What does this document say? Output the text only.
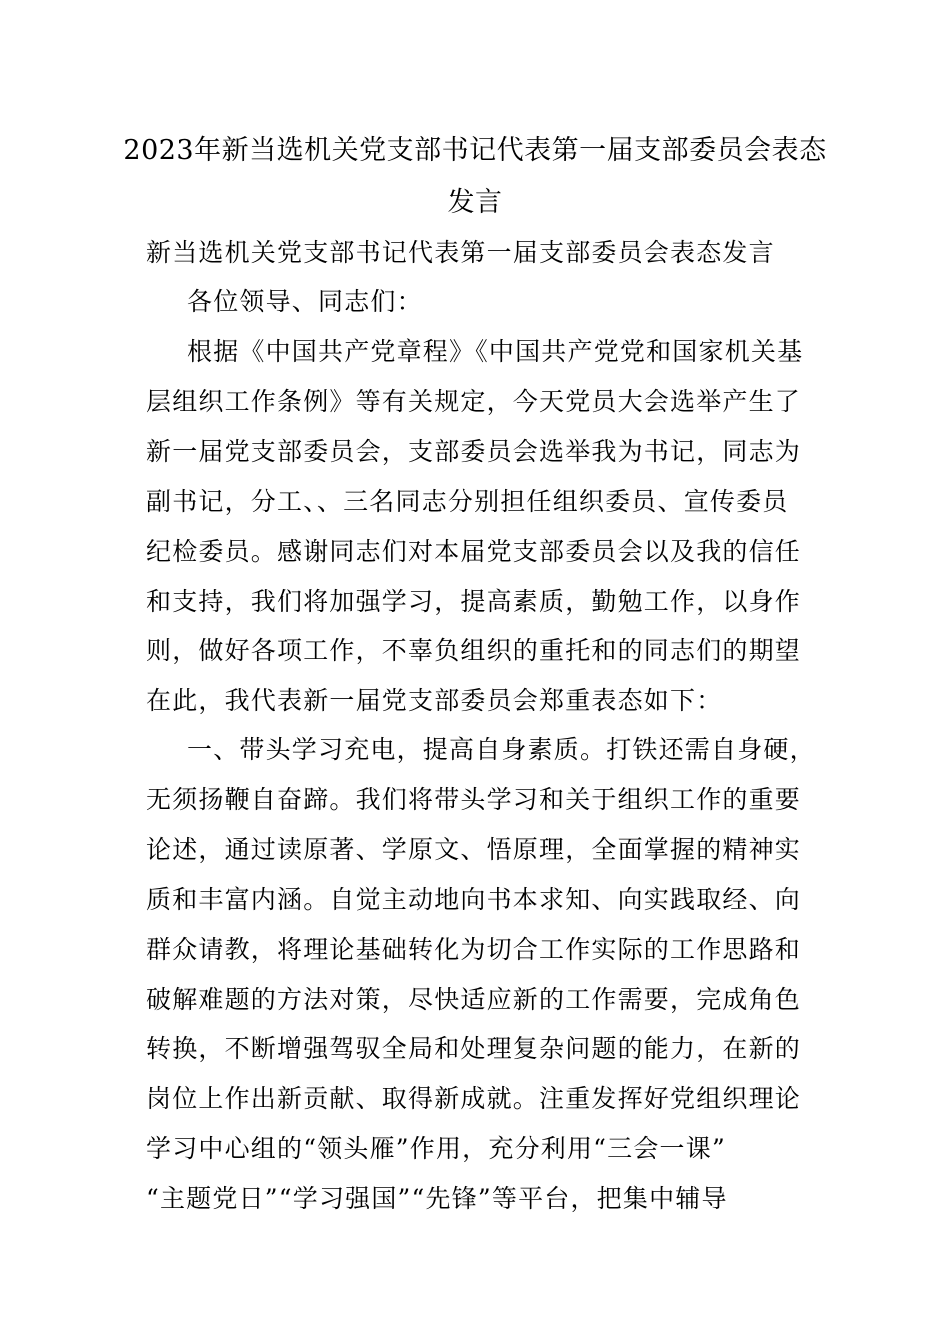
2023年新当选机关党支部书记代表第一届支部委员会表态
发言
新当选机关党支部书记代表第一届支部委员会表态发言
各位领导、同志们：
根据《中国共产党章程》《中国共产党党和国家机关基
层组织工作条例》等有关规定，今天党员大会选举产生了
新一届党支部委员会，支部委员会选举我为书记，同志为
副书记，分工、、三名同志分别担任组织委员、宣传委员
纪检委员。感谢同志们对本届党支部委员会以及我的信任
和支持，我们将加强学习，提高素质，勤勉工作，以身作
则，做好各项工作，不辜负组织的重托和的同志们的期望
在此，我代表新一届党支部委员会郑重表态如下：
一、带头学习充电，提高自身素质。打铁还需自身硬，
无须扬鞭自奋蹄。我们将带头学习和关于组织工作的重要
论述，通过读原著、学原文、悟原理，全面掌握的精神实
质和丰富内涵。自觉主动地向书本求知、向实践取经、向
群众请教，将理论基础转化为切合工作实际的工作思路和
破解难题的方法对策，尽快适应新的工作需要，完成角色
转换，不断增强驾驭全局和处理复杂问题的能力，在新的
岗位上作出新贡献、取得新成就。注重发挥好党组织理论
学习中心组的“领头雁”作用，充分利用“三会一课”
“主题党日”“学习强国”“先锋”等平台，把集中辅导
